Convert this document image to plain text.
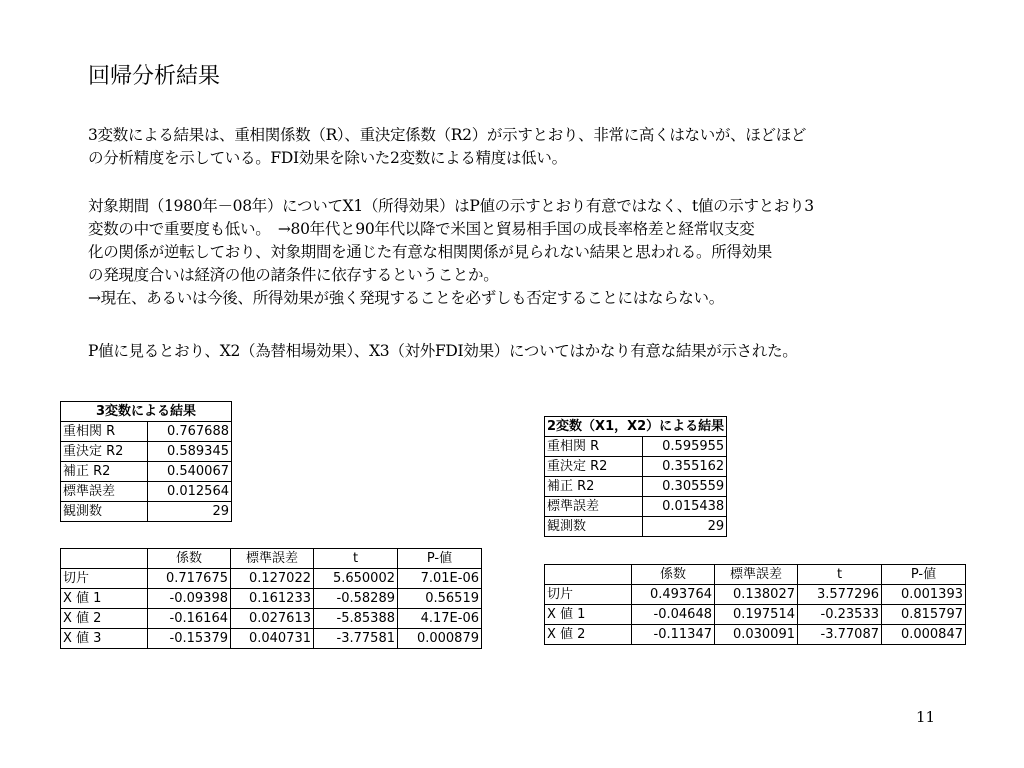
回帰分析結果
3変数による結果は、重相関係数（R）、重決定係数（R2）が示すとおり、非常に高くはないが、ほどほど
の分析精度を示している。FDI効果を除いた2変数による精度は低い。
対象期間（1980年－08年）についてX1（所得効果）はP値の示すとおり有意ではなく、t値の示すとおり3
変数の中で重要度も低い。　→80年代と90年代以降で米国と貿易相手国の成長率格差と経常収支変
化の関係が逆転しており、対象期間を通じた有意な相関関係が見られない結果と思われる。所得効果
の発現度合いは経済の他の諸条件に依存するということか。
→現在、あるいは今後、所得効果が強く発現することを必ずしも否定することにはならない。
P値に見るとおり、X2（為替相場効果）、X3（対外FDI効果）についてはかなり有意な結果が示された。
3変数による結果	
重相関 R	0.767688
重決定 R2	0.589345
補正 R2	0.540067
標準誤差	0.012564
観測数	29
2変数（X1，X2）による結果	
重相関 R	0.595955
重決定 R2	0.355162
補正 R2	0.305559
標準誤差	0.015438
観測数	29
	係数	標準誤差	t	P-値
切片	0.717675	0.127022	5.650002	7.01E-06
X 値 1	-0.09398	0.161233	-0.58289	0.56519
X 値 2	-0.16164	0.027613	-5.85388	4.17E-06
X 値 3	-0.15379	0.040731	-3.77581	0.000879
	係数	標準誤差	t	P-値
切片	0.493764	0.138027	3.577296	0.001393
X 値 1	-0.04648	0.197514	-0.23533	0.815797
X 値 2	-0.11347	0.030091	-3.77087	0.000847
11
